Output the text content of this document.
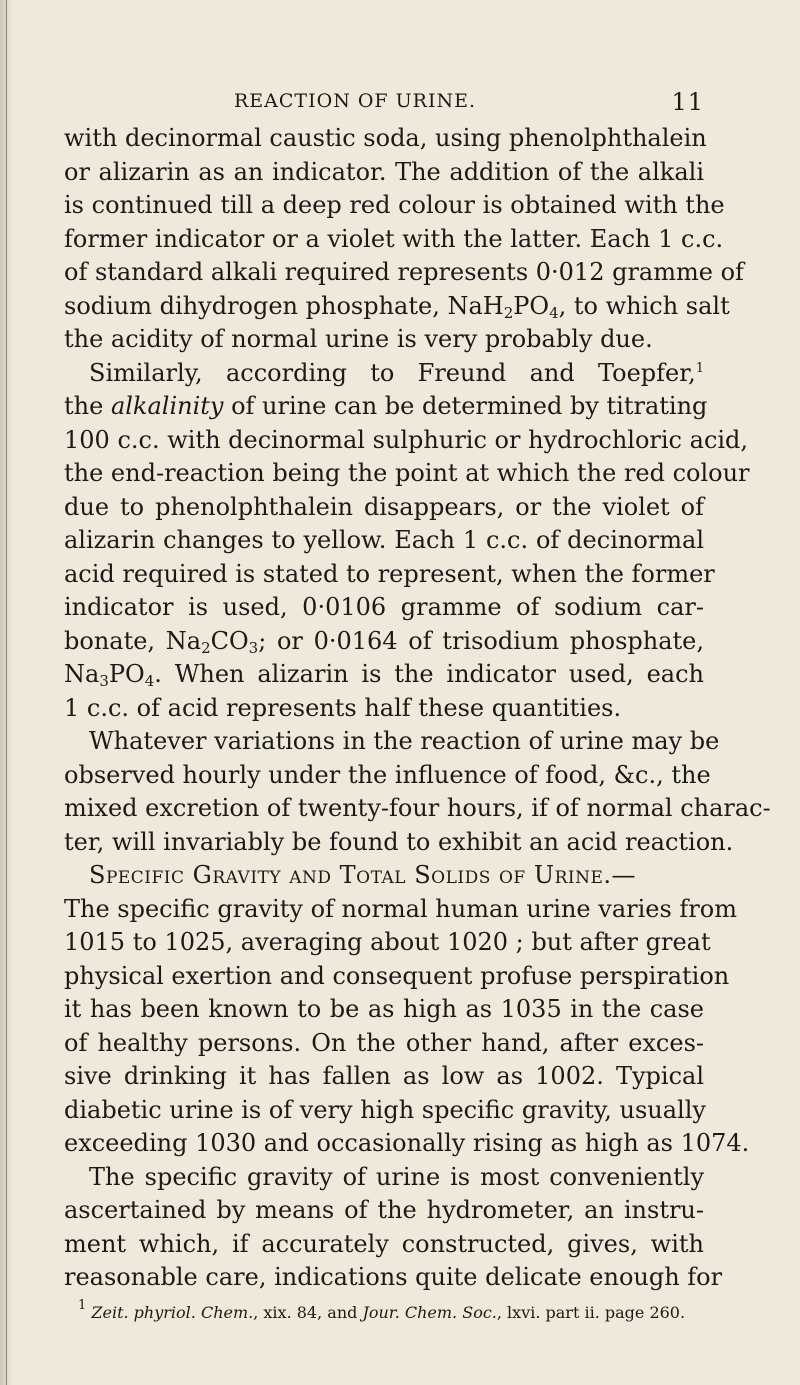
REACTION OF URINE.	11
with decinormal caustic soda, using phenolphthalein
or alizarin as an indicator. The addition of the alkali
is continued till a deep red colour is obtained with the
former indicator or a violet with the latter. Each 1 c.c.
of standard alkali required represents 0·012 gramme of
sodium dihydrogen phosphate, $NaH_2PO_4$, to which salt
the acidity of normal urine is very probably due.
Similarly, according to Freund and Toepfer,$^1$
the alkalinity of urine can be determined by titrating
100 c.c. with decinormal sulphuric or hydrochloric acid,
the end-reaction being the point at which the red colour
due to phenolphthalein disappears, or the violet of
alizarin changes to yellow. Each 1 c.c. of decinormal
acid required is stated to represent, when the former
indicator is used, 0·0106 gramme of sodium car-
bonate, $Na_2CO_3$; or 0·0164 of trisodium phosphate,
$Na_3PO_4$. When alizarin is the indicator used, each
1 c.c. of acid represents half these quantities.
Whatever variations in the reaction of urine may be
observed hourly under the influence of food, &c., the
mixed excretion of twenty-four hours, if of normal charac-
ter, will invariably be found to exhibit an acid reaction.
Specific Gravity and Total Solids of Urine.—
The specific gravity of normal human urine varies from
1015 to 1025, averaging about 1020 ; but after great
physical exertion and consequent profuse perspiration
it has been known to be as high as 1035 in the case
of healthy persons. On the other hand, after exces-
sive drinking it has fallen as low as 1002. Typical
diabetic urine is of very high specific gravity, usually
exceeding 1030 and occasionally rising as high as 1074.
The specific gravity of urine is most conveniently
ascertained by means of the hydrometer, an instru-
ment which, if accurately constructed, gives, with
reasonable care, indications quite delicate enough for
$^1$ Zeit. phyriol. Chem., xix. 84, and Jour. Chem. Soc., lxvi. part ii. page 260.
